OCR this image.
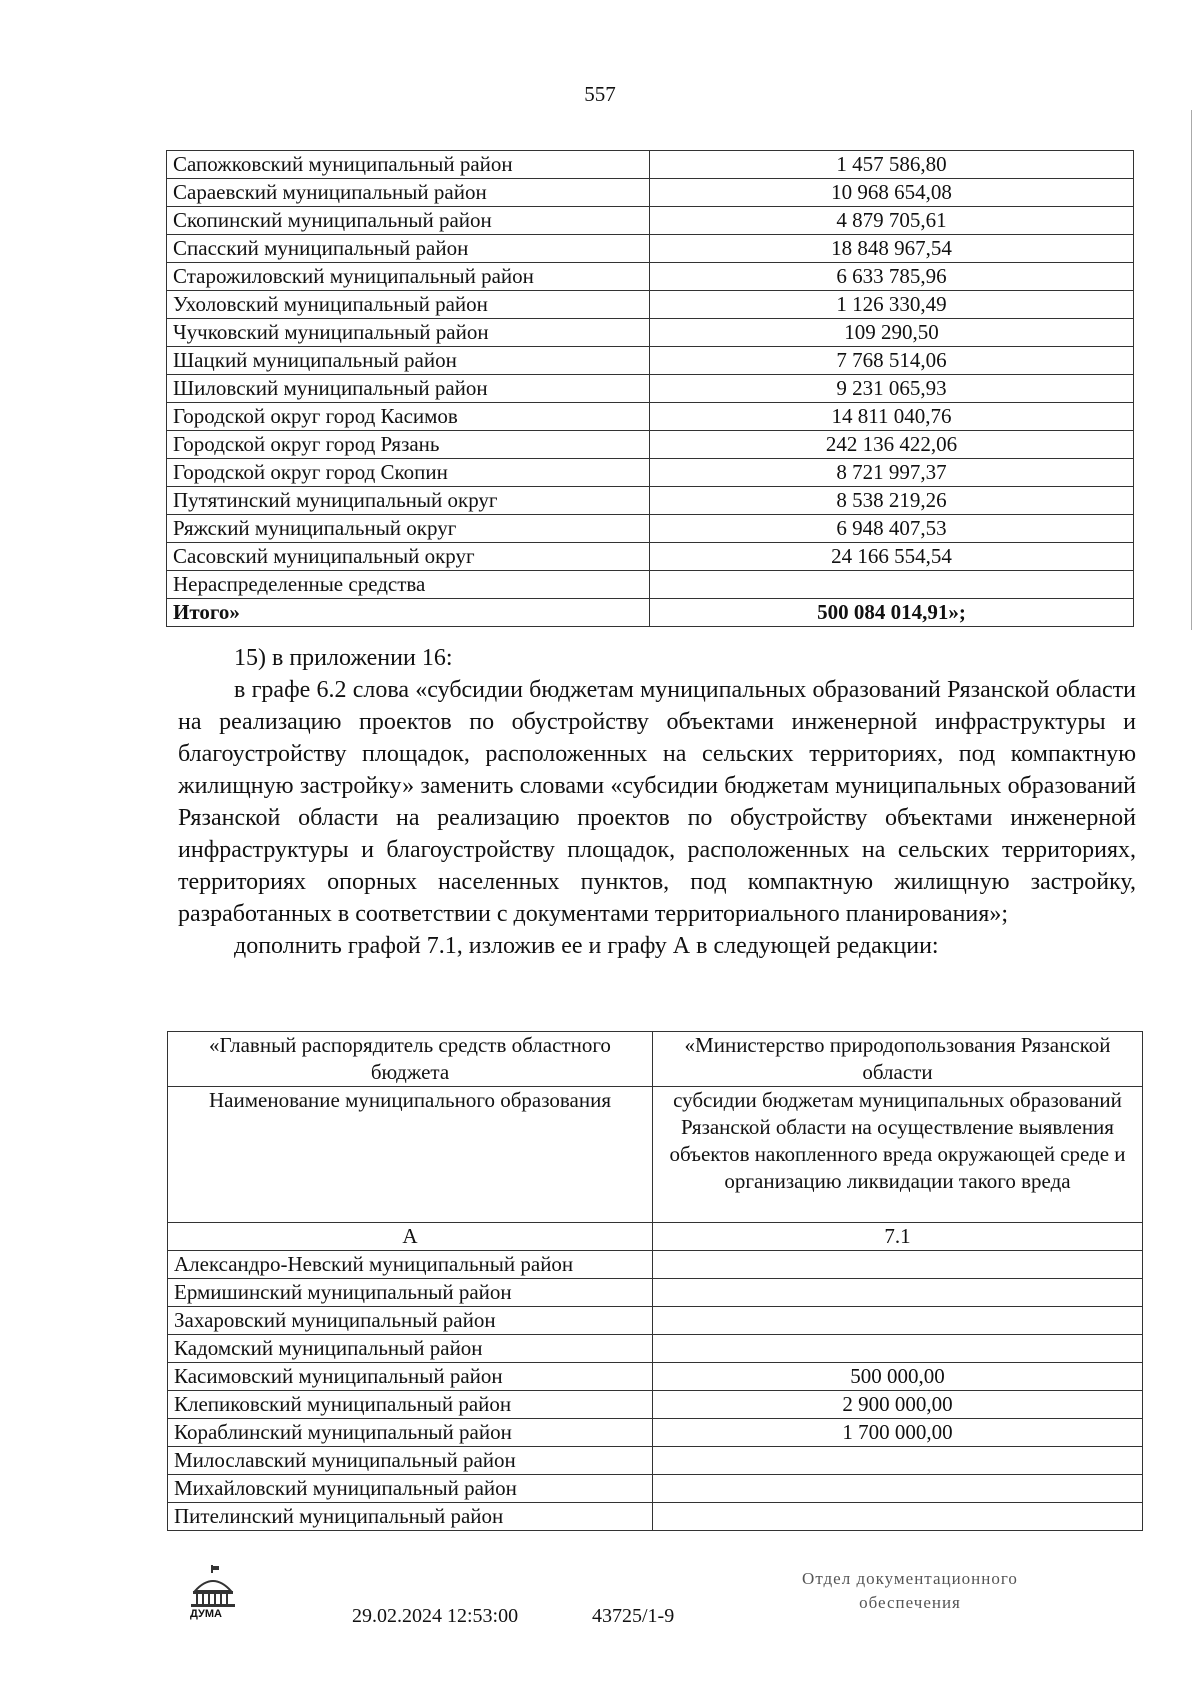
557
Сапожковский муниципальный район	1 457 586,80
Сараевский муниципальный район	10 968 654,08
Скопинский муниципальный район	4 879 705,61
Спасский муниципальный район	18 848 967,54
Старожиловский муниципальный район	6 633 785,96
Ухоловский муниципальный район	1 126 330,49
Чучковский муниципальный район	109 290,50
Шацкий муниципальный район	7 768 514,06
Шиловский муниципальный район	9 231 065,93
Городской округ город Касимов	14 811 040,76
Городской округ город Рязань	242 136 422,06
Городской округ город Скопин	8 721 997,37
Путятинский муниципальный округ	8 538 219,26
Ряжский муниципальный округ	6 948 407,53
Сасовский муниципальный округ	24 166 554,54
Нераспределенные средства	
Итого»	500 084 014,91»;

15) в приложении 16:

в графе 6.2 слова «субсидии бюджетам муниципальных образований Рязанской области на реализацию проектов по обустройству объектами инженерной инфраструктуры и благоустройству площадок, расположенных на сельских территориях, под компактную жилищную застройку» заменить словами «субсидии бюджетам муниципальных образований Рязанской области на реализацию проектов по обустройству объектами инженерной инфраструктуры и благоустройству площадок, расположенных на сельских территориях, территориях опорных населенных пунктов, под компактную жилищную застройку, разработанных в соответствии с документами территориального планирования»;

дополнить графой 7.1, изложив ее и графу А в следующей редакции:

«Главный распорядитель средств областного бюджета	«Министерство природопользования Рязанской области
Наименование муниципального образования	субсидии бюджетам муниципальных образований Рязанской области на осуществление выявления объектов накопленного вреда окружающей среде и организацию ликвидации такого вреда
А	7.1
Александро-Невский муниципальный район	
Ермишинский муниципальный район	
Захаровский муниципальный район	
Кадомский муниципальный район	
Касимовский муниципальный район	500 000,00
Клепиковский муниципальный район	2 900 000,00
Кораблинский муниципальный район	1 700 000,00
Милославский муниципальный район	
Михайловский муниципальный район	
Пителинский муниципальный район	
ДУМА	29.02.2024 12:53:00	43725/1-9
Отдел документационного
обеспечения
